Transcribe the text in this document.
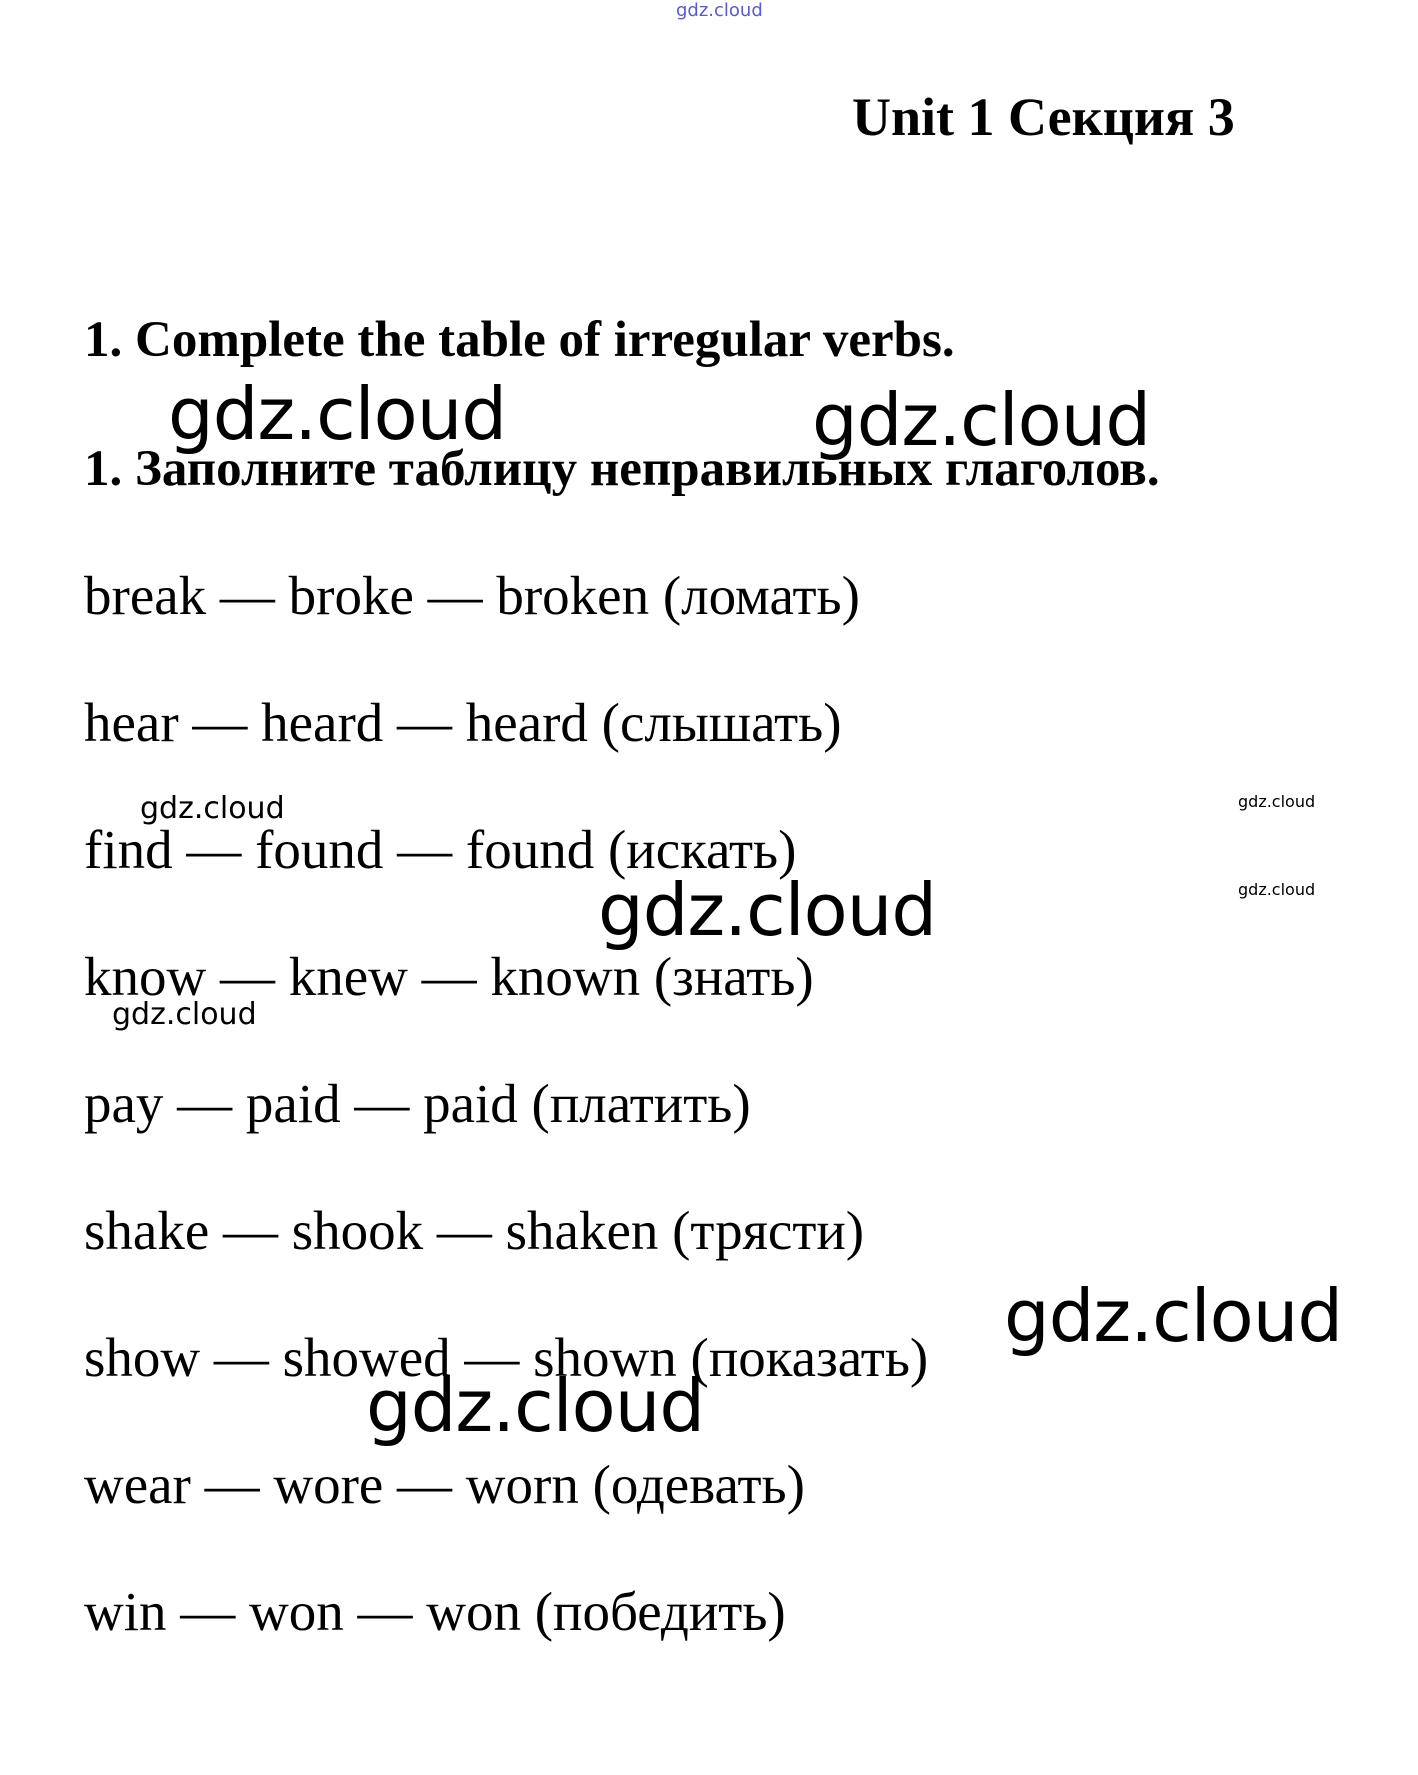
Unit 1 Секция 3
1. Complete the table of irregular verbs.
1. Заполните таблицу неправильных глаголов.
break — broke — broken (ломать)
hear — heard — heard (слышать)
find — found — found (искать)
know — knew — known (знать)
pay — paid — paid (платить)
shake — shook — shaken (трясти)
show — showed — shown (показать)
wear — wore — worn (одевать)
win — won — won (победить)
gdz.cloud
gdz.cloud	gdz.cloud
gdz.cloud	gdz.cloud
gdz.cloud	gdz.cloud
gdz.cloud
gdz.cloud
gdz.cloud
